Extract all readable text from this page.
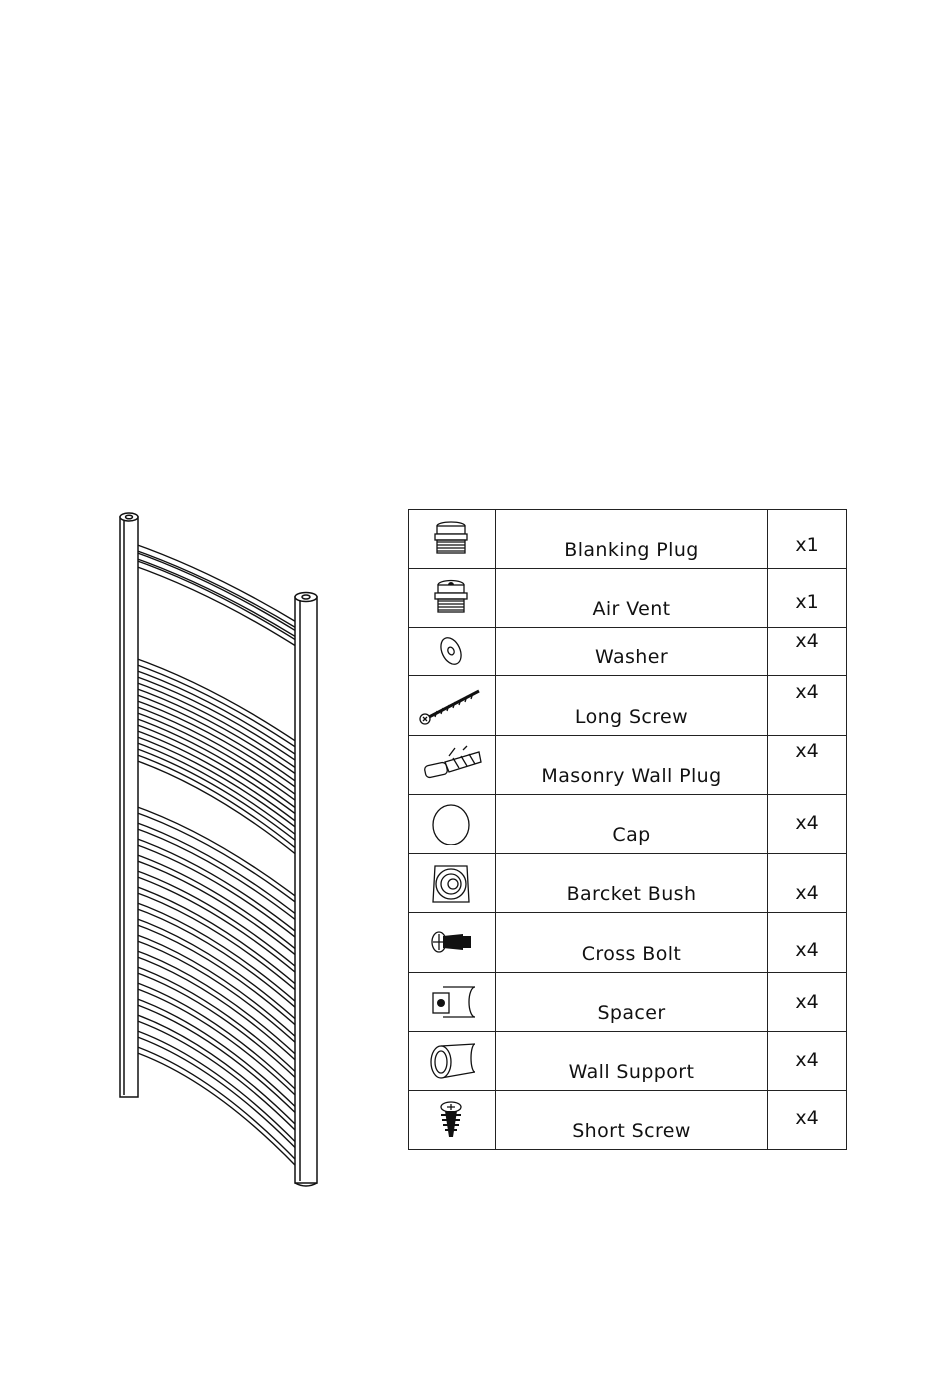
Blanking Plug	x1

Air Vent	x1

Washer	x4

Long Screw	x4

Masonry Wall Plug	x4

Cap	x4

Barcket Bush	x4

Cross Bolt	x4

Spacer	x4

Wall Support	x4

Short Screw	x4
